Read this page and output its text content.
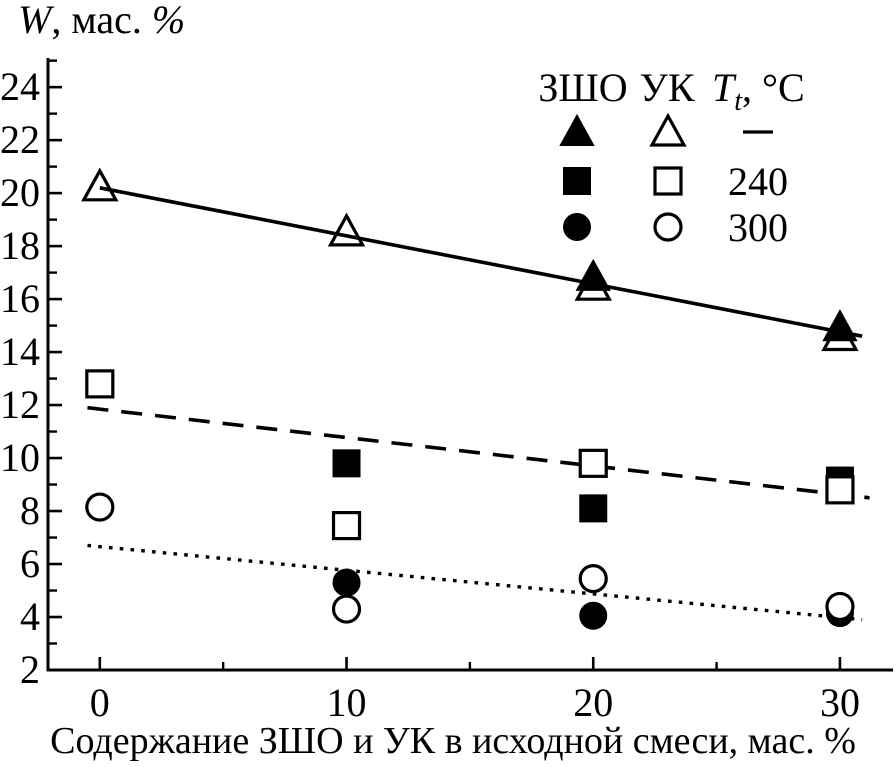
2
4
6
8
10
12
14
16
18
20
22
24
0	10	20	30
ЗШО УК $T_t$, °C
240
300
W, мас. %
Содержание ЗШО и УК в исходной смеси, мас. %
